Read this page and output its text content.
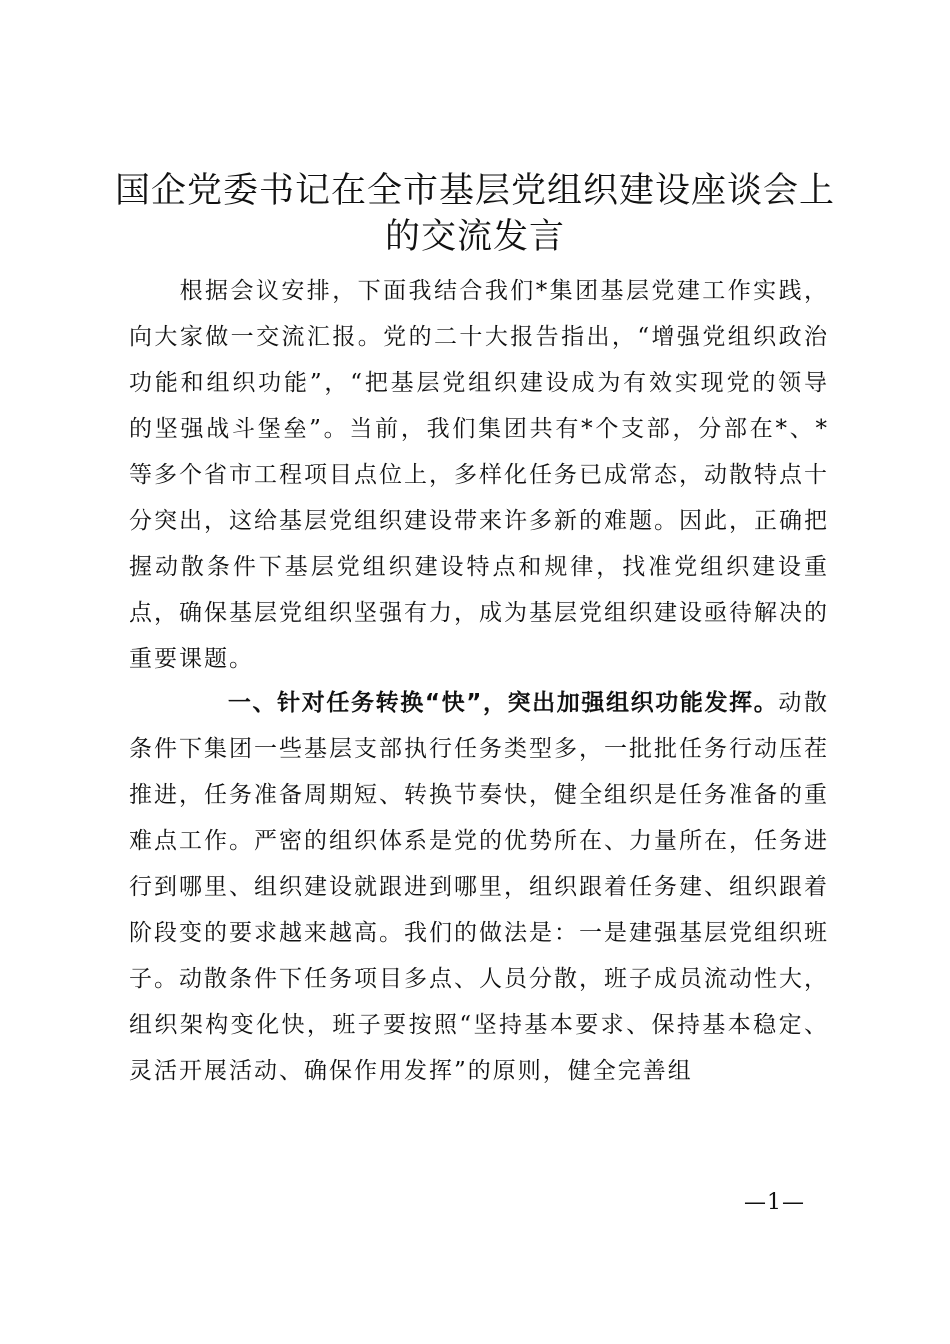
国企党委书记在全市基层党组织建设座谈会上的交流发言

根据会议安排，下面我结合我们*集团基层党建工作实践，向大家做一交流汇报。党的二十大报告指出，“增强党组织政治功能和组织功能”，“把基层党组织建设成为有效实现党的领导的坚强战斗堡垒”。当前，我们集团共有*个支部，分部在*、*等多个省市工程项目点位上，多样化任务已成常态，动散特点十分突出，这给基层党组织建设带来许多新的难题。因此，正确把握动散条件下基层党组织建设特点和规律，找准党组织建设重点，确保基层党组织坚强有力，成为基层党组织建设亟待解决的重要课题。

一、针对任务转换“快”，突出加强组织功能发挥。动散条件下集团一些基层支部执行任务类型多，一批批任务行动压茬推进，任务准备周期短、转换节奏快，健全组织是任务准备的重难点工作。严密的组织体系是党的优势所在、力量所在，任务进行到哪里、组织建设就跟进到哪里，组织跟着任务建、组织跟着阶段变的要求越来越高。我们的做法是：一是建强基层党组织班子。动散条件下任务项目多点、人员分散，班子成员流动性大，组织架构变化快，班子要按照“坚持基本要求、保持基本稳定、灵活开展活动、确保作用发挥”的原则，健全完善组

—1—
